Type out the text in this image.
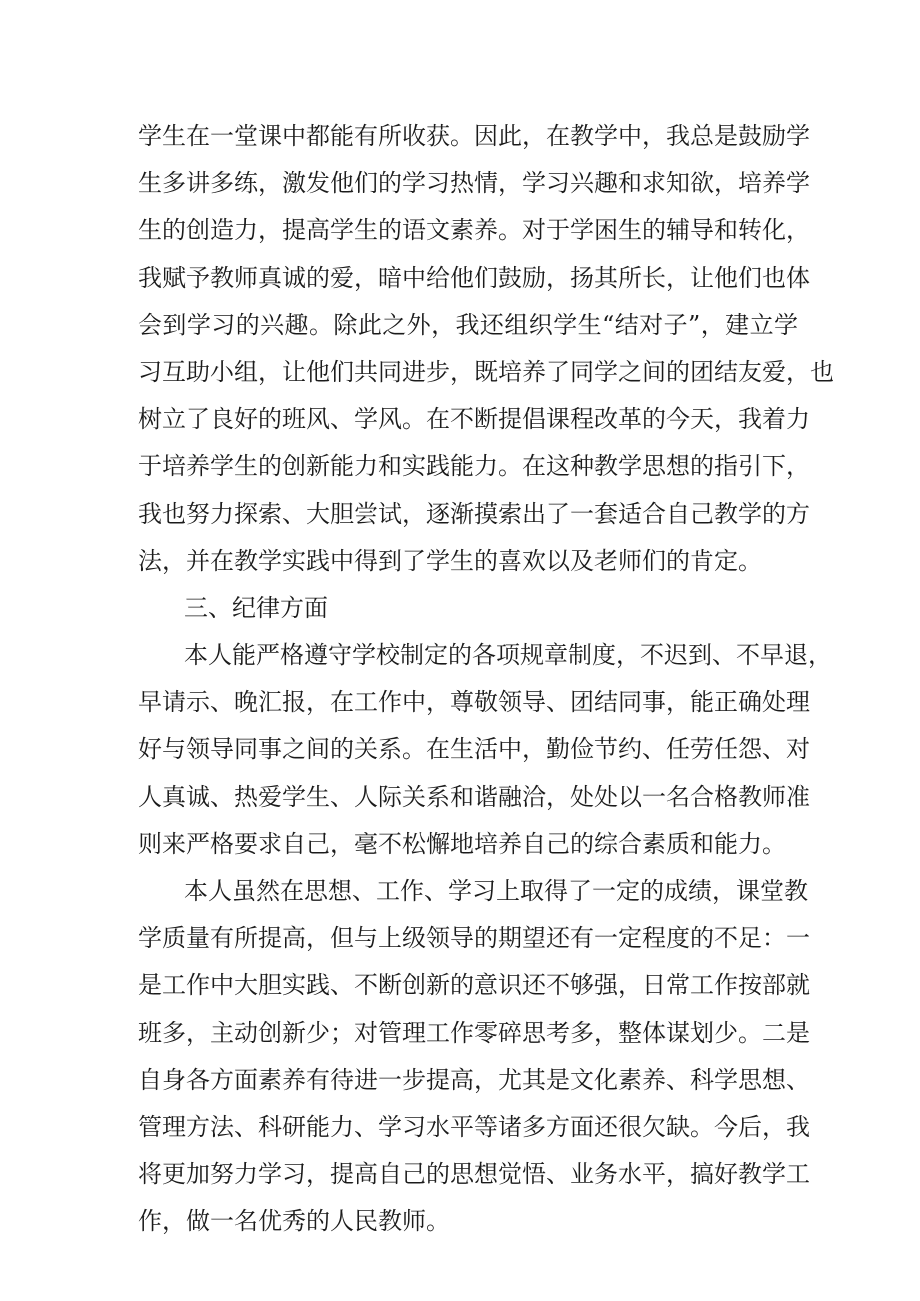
学生在一堂课中都能有所收获。因此，在教学中，我总是鼓励学
生多讲多练，激发他们的学习热情，学习兴趣和求知欲，培养学
生的创造力，提高学生的语文素养。对于学困生的辅导和转化，
我赋予教师真诚的爱，暗中给他们鼓励，扬其所长，让他们也体
会到学习的兴趣。除此之外，我还组织学生“结对子”，建立学
习互助小组，让他们共同进步，既培养了同学之间的团结友爱，也
树立了良好的班风、学风。在不断提倡课程改革的今天，我着力
于培养学生的创新能力和实践能力。在这种教学思想的指引下，
我也努力探索、大胆尝试，逐渐摸索出了一套适合自己教学的方
法，并在教学实践中得到了学生的喜欢以及老师们的肯定。
三、纪律方面
本人能严格遵守学校制定的各项规章制度，不迟到、不早退，
早请示、晚汇报，在工作中，尊敬领导、团结同事，能正确处理
好与领导同事之间的关系。在生活中，勤俭节约、任劳任怨、对
人真诚、热爱学生、人际关系和谐融洽，处处以一名合格教师准
则来严格要求自己，毫不松懈地培养自己的综合素质和能力。
本人虽然在思想、工作、学习上取得了一定的成绩，课堂教
学质量有所提高，但与上级领导的期望还有一定程度的不足：一
是工作中大胆实践、不断创新的意识还不够强，日常工作按部就
班多，主动创新少；对管理工作零碎思考多，整体谋划少。二是
自身各方面素养有待进一步提高，尤其是文化素养、科学思想、
管理方法、科研能力、学习水平等诸多方面还很欠缺。今后，我
将更加努力学习，提高自己的思想觉悟、业务水平，搞好教学工
作，做一名优秀的人民教师。
